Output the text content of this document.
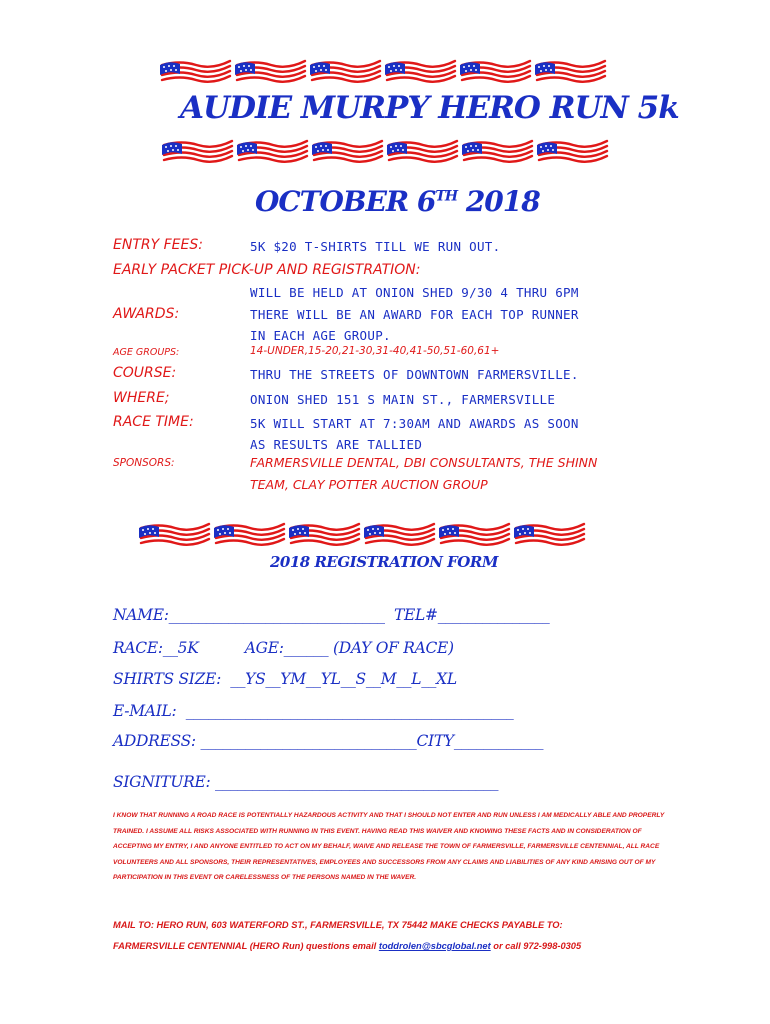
AUDIE MURPY HERO RUN 5k
OCTOBER 6TH 2018
ENTRY FEES:	5K $20 T-SHIRTS TILL WE RUN OUT.
EARLY PACKET PICK-UP AND REGISTRATION:
WILL BE HELD AT ONION SHED 9/30 4 THRU 6PM
AWARDS:	THERE WILL BE AN AWARD FOR EACH TOP RUNNER
IN EACH AGE GROUP.
AGE GROUPS:	14-UNDER,15-20,21-30,31-40,41-50,51-60,61+
COURSE:	THRU THE STREETS OF DOWNTOWN FARMERSVILLE.
WHERE;	ONION SHED 151 S MAIN ST., FARMERSVILLE
RACE TIME:	5K WILL START AT 7:30AM AND AWARDS AS SOON
AS RESULTS ARE TALLIED
SPONSORS:	FARMERSVILLE DENTAL, DBI CONSULTANTS, THE SHINN
TEAM, CLAY POTTER AUCTION GROUP
2018 REGISTRATION FORM
NAME:_____________________________  TEL#_______________
RACE:__5K          AGE:______ (DAY OF RACE)
SHIRTS SIZE:  __YS__YM__YL__S__M__L__XL
E-MAIL:  ____________________________________________
ADDRESS: _____________________________CITY____________
SIGNITURE: ______________________________________
I KNOW THAT RUNNING A ROAD RACE IS POTENTIALLY HAZARDOUS ACTIVITY AND THAT I SHOULD NOT ENTER AND RUN UNLESS I AM MEDICALLY ABLE AND PROPERLY TRAINED. I ASSUME ALL RISKS ASSOCIATED WITH RUNNING IN THIS EVENT. HAVING READ THIS WAIVER AND KNOWING THESE FACTS AND IN CONSIDERATION OF ACCEPTING MY ENTRY, I AND ANYONE ENTITLED TO ACT ON MY BEHALF, WAIVE AND RELEASE THE TOWN OF FARMERSVILLE, FARMERSVILLE CENTENNIAL, ALL RACE VOLUNTEERS AND ALL SPONSORS, THEIR REPRESENTATIVES, EMPLOYEES AND SUCCESSORS FROM ANY CLAIMS AND LIABILITIES OF ANY KIND ARISING OUT OF MY PARTICIPATION IN THIS EVENT OR CARELESSNESS OF THE PERSONS NAMED IN THE WAVER.
MAIL TO: HERO RUN, 603 WATERFORD ST., FARMERSVILLE, TX 75442 MAKE CHECKS PAYABLE TO:
FARMERSVILLE CENTENNIAL (HERO Run) questions email toddrolen@sbcglobal.net or call 972-998-0305
